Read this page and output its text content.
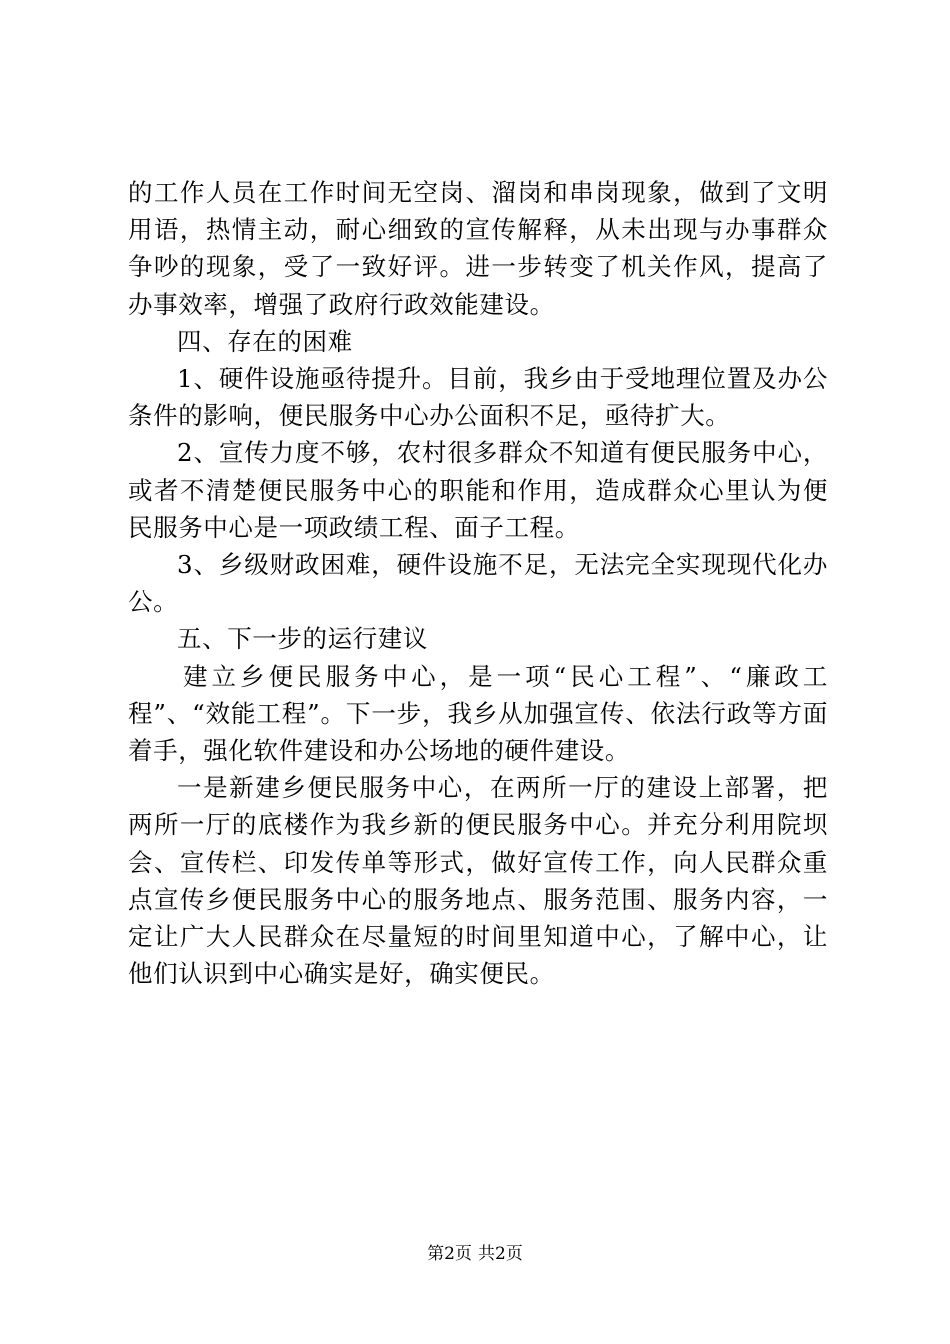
的工作人员在工作时间无空岗、溜岗和串岗现象，做到了文明用语，热情主动，耐心细致的宣传解释，从未出现与办事群众争吵的现象，受了一致好评。进一步转变了机关作风，提高了办事效率，增强了政府行政效能建设。

四、存在的困难

1、硬件设施亟待提升。目前，我乡由于受地理位置及办公条件的影响，便民服务中心办公面积不足，亟待扩大。

2、宣传力度不够，农村很多群众不知道有便民服务中心，或者不清楚便民服务中心的职能和作用，造成群众心里认为便民服务中心是一项政绩工程、面子工程。

3、乡级财政困难，硬件设施不足，无法完全实现现代化办公。

五、下一步的运行建议

建立乡便民服务中心，是一项“民心工程”、“廉政工程”、“效能工程”。下一步，我乡从加强宣传、依法行政等方面着手，强化软件建设和办公场地的硬件建设。

一是新建乡便民服务中心，在两所一厅的建设上部署，把两所一厅的底楼作为我乡新的便民服务中心。并充分利用院坝会、宣传栏、印发传单等形式，做好宣传工作，向人民群众重点宣传乡便民服务中心的服务地点、服务范围、服务内容，一定让广大人民群众在尽量短的时间里知道中心，了解中心，让他们认识到中心确实是好，确实便民。

第2页 共2页
